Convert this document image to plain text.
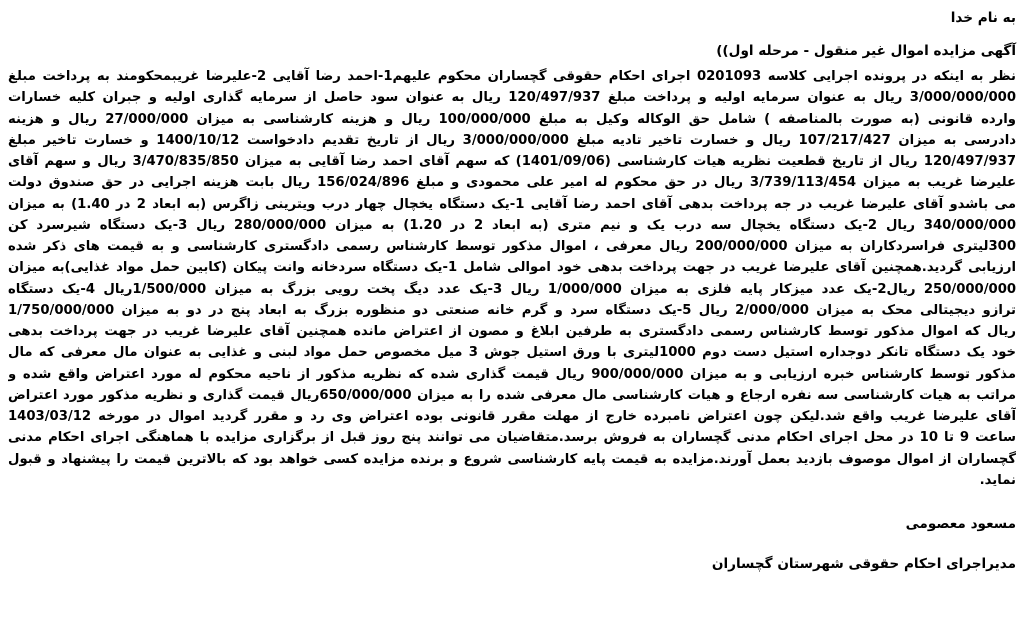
به نام خدا
آگهی مزایده اموال غیر منقول - مرحله اول))
نظر به اینکه در پرونده اجرایی کلاسه 0201093 اجرای احکام حقوقی گچساران محکوم علیهم1-احمد رضا آقایی 2-علیرضا غریبمحکومند به پرداخت مبلغ
3/000/000/000 ریال به عنوان سرمایه اولیه و پرداخت مبلغ 120/497/937 ریال به عنوان سود حاصل از سرمایه گذاری اولیه و جبران کلیه خسارات
وارده قانونی (به صورت بالمناصفه ) شامل حق الوکاله وکیل به مبلغ 100/000/000 ریال و هزینه کارشناسی به میزان 27/000/000 ریال و هزینه
دادرسی به میزان 107/217/427 ریال و خسارت تاخیر تادیه مبلغ 3/000/000/000 ریال از تاریخ تقدیم دادخواست 1400/10/12 و خسارت تاخیر مبلغ
120/497/937 ریال از تاریخ قطعیت نظریه هیات کارشناسی (1401/09/06) که سهم آقای احمد رضا آقایی به میزان 3/470/835/850 ریال و سهم آقای
علیرضا غریب به میزان 3/739/113/454 ریال در حق محکوم له امیر علی محمودی و مبلغ 156/024/896 ریال بابت هزینه اجرایی در حق صندوق دولت
می باشدو آقای علیرضا غریب در جه پرداخت بدهی آقای احمد رضا آقایی 1-یک دستگاه یخچال چهار درب ویترینی زاگرس (به ابعاد 2 در 1.40) به میزان
340/000/000 ریال 2-یک دستگاه یخچال سه درب یک و نیم متری (به ابعاد 2 در 1.20) به میزان 280/000/000 ریال 3-یک دستگاه شیرسرد کن
300لیتری فراسردکاران به میزان 200/000/000 ریال معرفی ، اموال مذکور توسط کارشناس رسمی دادگستری کارشناسی و به قیمت های ذکر شده
ارزیابی گردید.همچنین آقای علیرضا غریب در جهت پرداخت بدهی خود اموالی شامل 1-یک دستگاه سردخانه وانت پیکان (کابین حمل مواد غذایی)به میزان
250/000/000 ریال2-یک عدد میزکار پایه فلزی به میزان 1/000/000 ریال 3-یک عدد دیگ پخت رویی بزرگ به میزان 1/500/000ریال 4-یک دستگاه
ترازو دیجیتالی محک به میزان 2/000/000 ریال 5-یک دستگاه سرد و گرم خانه صنعتی دو منظوره بزرگ به ابعاد پنج در دو به میزان 1/750/000/000
ریال که اموال مذکور توسط کارشناس رسمی دادگستری به طرفین ابلاغ و مصون از اعتراض مانده همچنین آقای علیرضا غریب در جهت پرداخت بدهی
خود یک دستگاه تانکر دوجداره استیل دست دوم 1000لیتری با ورق استیل جوش 3 میل مخصوص حمل مواد لبنی و غذایی به عنوان مال معرفی که مال
مذکور توسط کارشناس خبره ارزیابی و به میزان 900/000/000 ریال قیمت گذاری شده که نظریه مذکور از ناحیه محکوم له مورد اعتراض واقع شده و
مراتب به هیات کارشناسی سه نفره ارجاع و هیات کارشناسی مال معرفی شده را به میزان 650/000/000ریال قیمت گذاری و نظریه مذکور مورد اعتراض
آقای علیرضا غریب واقع شد.لیکن چون اعتراض نامبرده خارج از مهلت مقرر قانونی بوده اعتراض وی رد و مقرر گردید اموال در مورخه 1403/03/12
ساعت 9 تا 10 در محل اجرای احکام مدنی گچساران به فروش برسد.متقاضیان می توانند پنج روز قبل از برگزاری مزایده با هماهنگی اجرای احکام مدنی
گچساران از اموال موصوف بازدید بعمل آورند.مزایده به قیمت پایه کارشناسی شروع و برنده مزایده کسی خواهد بود که بالاترین قیمت را پیشنهاد و قبول
نماید.
مسعود معصومی
مدیراجرای احکام حقوقی شهرستان گچساران
